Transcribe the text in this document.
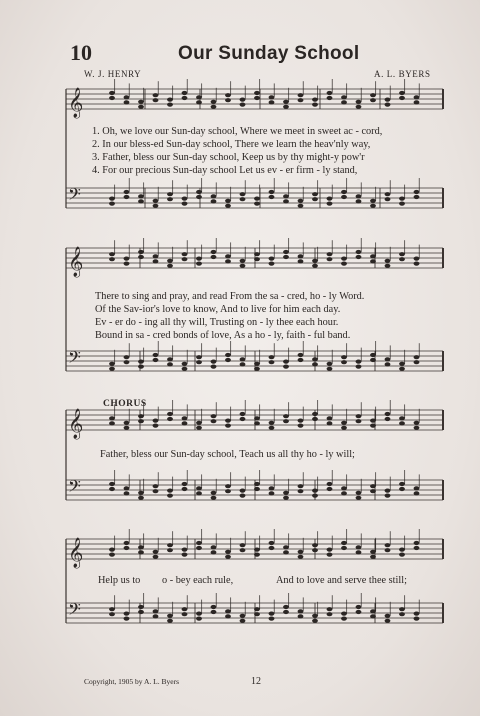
10	Our Sunday School
W. J. HENRY	A. L. BYERS
𝄞
𝄞
𝄞
𝄞
𝄢
𝄢
𝄢
𝄢
1. Oh, we love our Sun-day school, Where we meet in sweet ac - cord,
2. In our bless-ed Sun-day school, There we learn the heav'nly way,
3. Father, bless our Sun-day school, Keep us by thy might-y pow'r
4. For our precious Sun-day school Let us ev - er firm - ly stand,
There to sing and pray, and read From the sa - cred, ho - ly Word.
Of the Sav-ior's love to know, And to live for him each day.
Ev - er do - ing all thy will, Trusting on - ly thee each hour.
Bound in sa - cred bonds of love, As a ho - ly, faith - ful band.
CHORUS
Father, bless our Sun-day school, Teach us all thy ho - ly will;
Help us to o - bey each rule,	And to love and serve thee still;
Copyright, 1905 by A. L. Byers	12
